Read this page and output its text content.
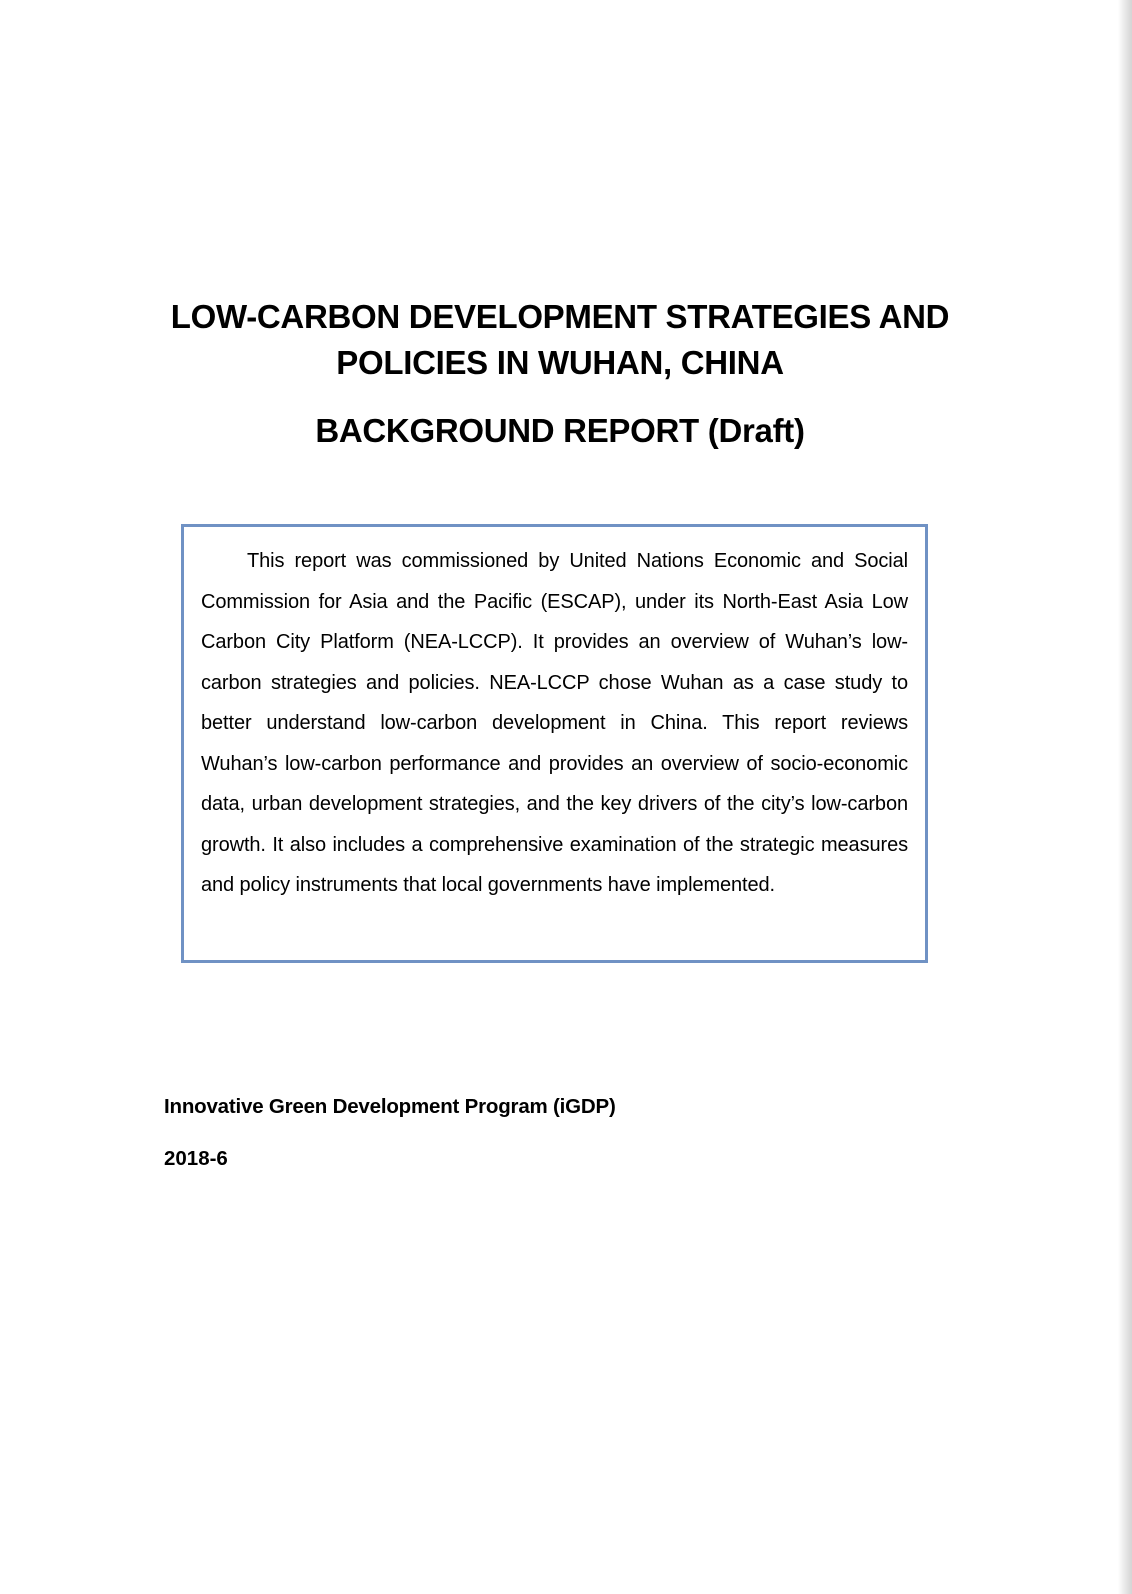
LOW-CARBON DEVELOPMENT STRATEGIES AND
POLICIES IN WUHAN, CHINA
BACKGROUND REPORT (Draft)

This report was commissioned by United Nations Economic and Social Commission for Asia and the Pacific (ESCAP), under its North-East Asia Low Carbon City Platform (NEA-LCCP). It provides an overview of Wuhan’s low-carbon strategies and policies. NEA-LCCP chose Wuhan as a case study to better understand low-carbon development in China. This report reviews Wuhan’s low-carbon performance and provides an overview of socio-economic data, urban development strategies, and the key drivers of the city’s low-carbon growth. It also includes a comprehensive examination of the strategic measures and policy instruments that local governments have implemented.

Innovative Green Development Program (iGDP)
2018-6
